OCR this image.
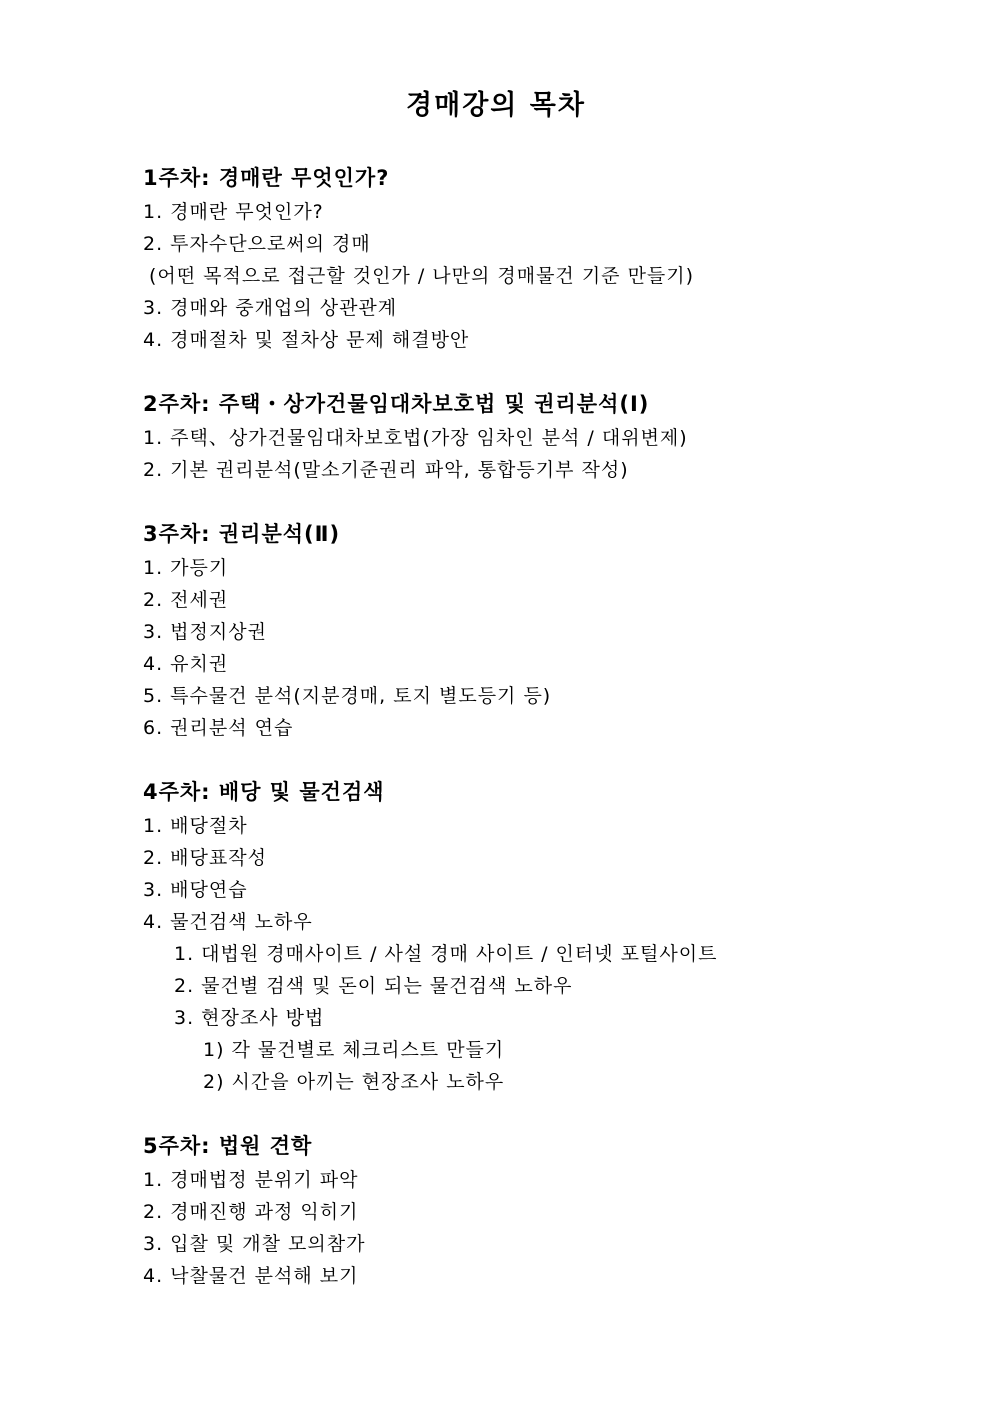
경매강의 목차
1주차: 경매란 무엇인가?
1. 경매란 무엇인가?
2. 투자수단으로써의 경매
(어떤 목적으로 접근할 것인가 / 나만의 경매물건 기준 만들기)
3. 경매와 중개업의 상관관계
4. 경매절차 및 절차상 문제 해결방안
2주차: 주택・상가건물임대차보호법 및 권리분석(Ⅰ)
1. 주택、상가건물임대차보호법(가장 임차인 분석 / 대위변제)
2. 기본 권리분석(말소기준권리 파악, 통합등기부 작성)
3주차: 권리분석(Ⅱ)
1. 가등기
2. 전세권
3. 법정지상권
4. 유치권
5. 특수물건 분석(지분경매, 토지 별도등기 등)
6. 권리분석 연습
4주차: 배당 및 물건검색
1. 배당절차
2. 배당표작성
3. 배당연습
4. 물건검색 노하우
1. 대법원 경매사이트 / 사설 경매 사이트 / 인터넷 포털사이트
2. 물건별 검색 및 돈이 되는 물건검색 노하우
3. 현장조사 방법
1) 각 물건별로 체크리스트 만들기
2) 시간을 아끼는 현장조사 노하우
5주차: 법원 견학
1. 경매법정 분위기 파악
2. 경매진행 과정 익히기
3. 입찰 및 개찰 모의참가
4. 낙찰물건 분석해 보기
